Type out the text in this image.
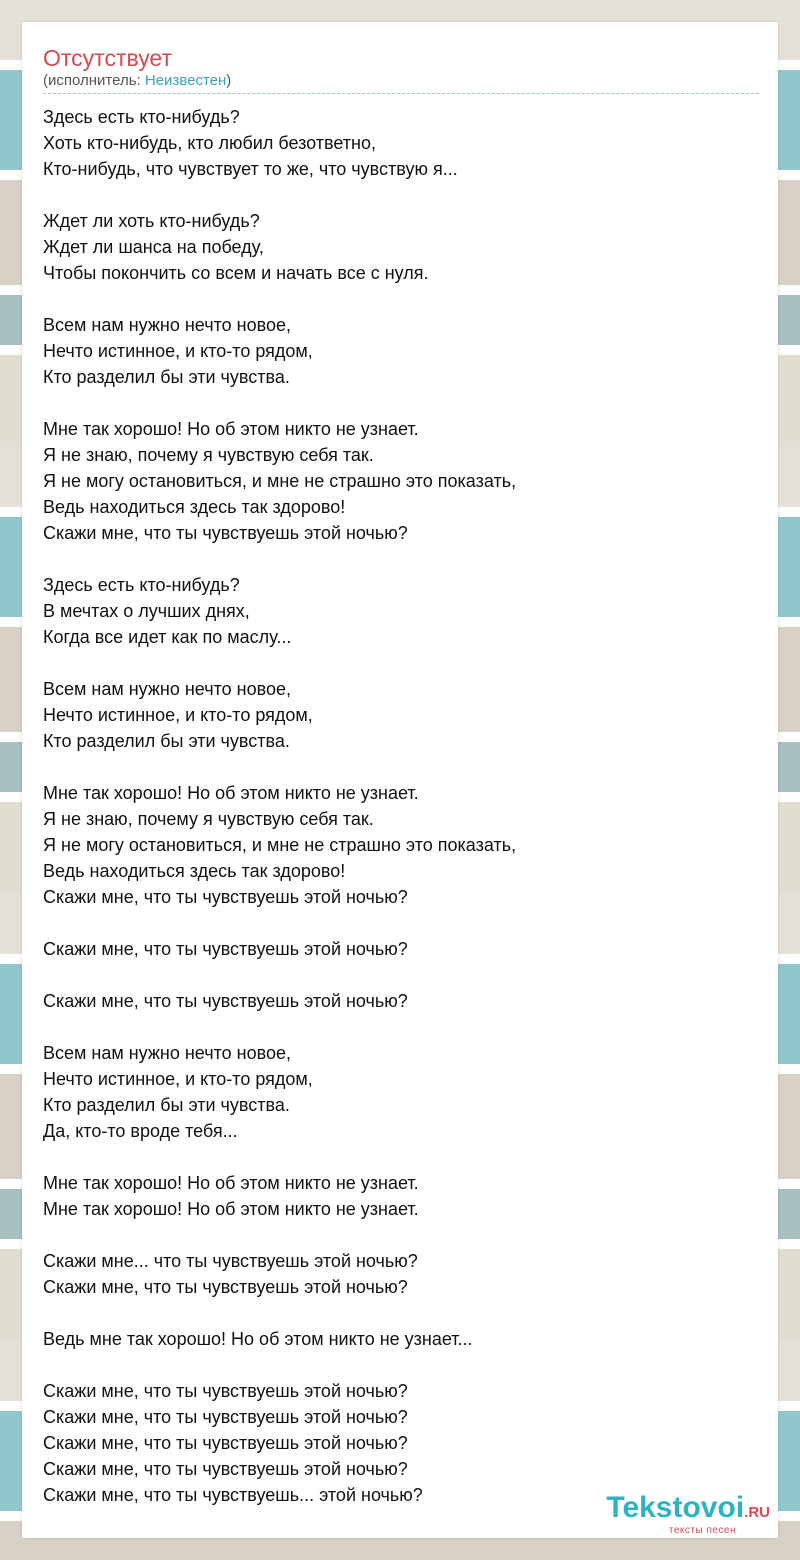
Отсутствует
(исполнитель: Неизвестен)
Здесь есть кто-нибудь?
Хоть кто-нибудь, кто любил безответно,
Кто-нибудь, что чувствует то же, что чувствую я...
Ждет ли хоть кто-нибудь?
Ждет ли шанса на победу,
Чтобы покончить со всем и начать все с нуля.
Всем нам нужно нечто новое,
Нечто истинное, и кто-то рядом,
Кто разделил бы эти чувства.
Мне так хорошо! Но об этом никто не узнает.
Я не знаю, почему я чувствую себя так.
Я не могу остановиться, и мне не страшно это показать,
Ведь находиться здесь так здорово!
Скажи мне, что ты чувствуешь этой ночью?
Здесь есть кто-нибудь?
В мечтах о лучших днях,
Когда все идет как по маслу...
Всем нам нужно нечто новое,
Нечто истинное, и кто-то рядом,
Кто разделил бы эти чувства.
Мне так хорошо! Но об этом никто не узнает.
Я не знаю, почему я чувствую себя так.
Я не могу остановиться, и мне не страшно это показать,
Ведь находиться здесь так здорово!
Скажи мне, что ты чувствуешь этой ночью?
Скажи мне, что ты чувствуешь этой ночью?
Скажи мне, что ты чувствуешь этой ночью?
Всем нам нужно нечто новое,
Нечто истинное, и кто-то рядом,
Кто разделил бы эти чувства.
Да, кто-то вроде тебя...
Мне так хорошо! Но об этом никто не узнает.
Мне так хорошо! Но об этом никто не узнает.
Скажи мне... что ты чувствуешь этой ночью?
Скажи мне, что ты чувствуешь этой ночью?
Ведь мне так хорошо! Но об этом никто не узнает...
Скажи мне, что ты чувствуешь этой ночью?
Скажи мне, что ты чувствуешь этой ночью?
Скажи мне, что ты чувствуешь этой ночью?
Скажи мне, что ты чувствуешь этой ночью?
Скажи мне, что ты чувствуешь... этой ночью?	Tekstovoi.RU
тексты песен
